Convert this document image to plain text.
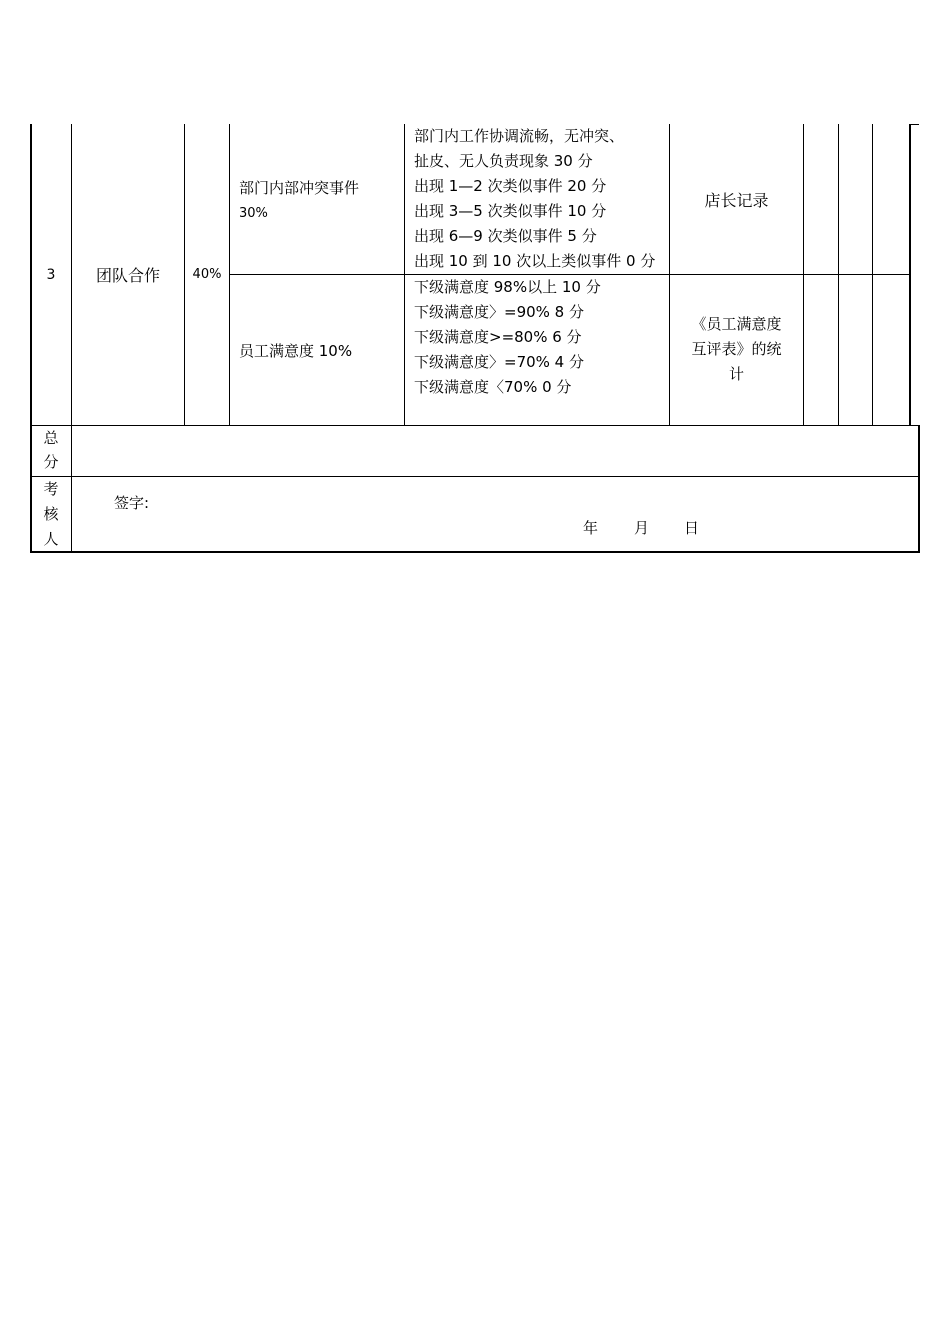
3	团队合作	40%
部门内部冲突事件
30%
部门内工作协调流畅，无冲突、
扯皮、无人负责现象 30 分
出现 1—2 次类似事件 20 分
出现 3—5 次类似事件 10 分
出现 6—9 次类似事件 5 分
出现 10 到 10 次以上类似事件 0 分
店长记录
员工满意度 10%
下级满意度 98%以上 10 分
下级满意度〉=90% 8 分
下级满意度>=80% 6 分
下级满意度〉=70% 4 分
下级满意度〈70% 0 分
《员工满意度
互评表》的统
计
总
分
考
核
人
签字:
年 月 日
